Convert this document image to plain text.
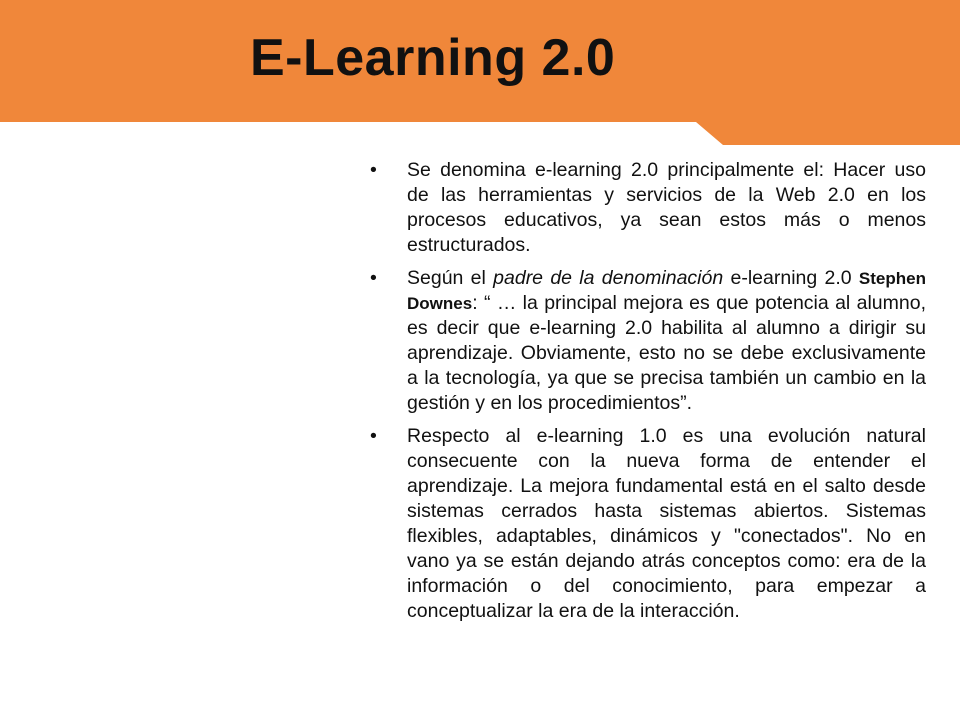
E-Learning 2.0
• Se denomina e-learning 2.0 principalmente el: Hacer uso de las herramientas y servicios de la Web 2.0 en los procesos educativos, ya sean estos más o menos estructurados.
• Según el padre de la denominación e-learning 2.0 Stephen Downes: “ … la principal mejora es que potencia al alumno, es decir que e-learning 2.0 habilita al alumno a dirigir su aprendizaje. Obviamente, esto no se debe exclusivamente a la tecnología, ya que se precisa también un cambio en la gestión y en los procedimientos”.
• Respecto al e-learning 1.0 es una evolución natural consecuente con la nueva forma de entender el aprendizaje. La mejora fundamental está en el salto desde sistemas cerrados hasta sistemas abiertos. Sistemas flexibles, adaptables, dinámicos y "conectados". No en vano ya se están dejando atrás conceptos como: era de la información o del conocimiento, para empezar a conceptualizar la era de la interacción.
